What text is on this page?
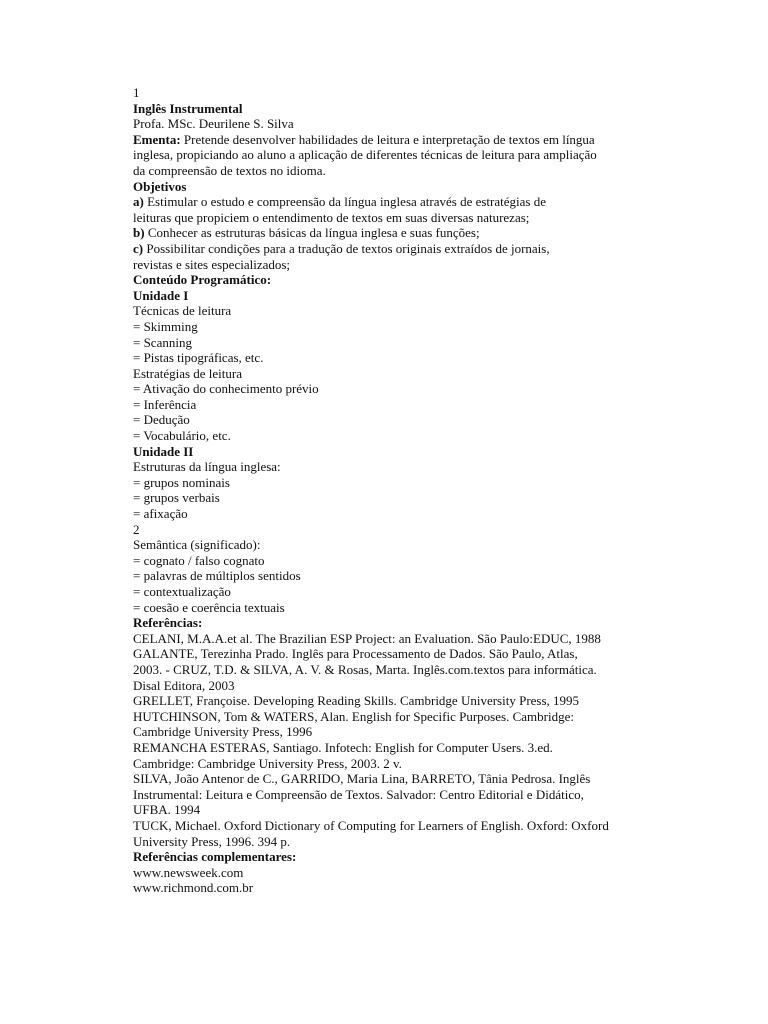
1
Inglês Instrumental
Profa. MSc. Deurilene S. Silva
Ementa: Pretende desenvolver habilidades de leitura e interpretação de textos em língua
inglesa, propiciando ao aluno a aplicação de diferentes técnicas de leitura para ampliação
da compreensão de textos no idioma.
Objetivos
a) Estimular o estudo e compreensão da língua inglesa através de estratégias de
leituras que propiciem o entendimento de textos em suas diversas naturezas;
b) Conhecer as estruturas básicas da língua inglesa e suas funções;
c) Possibilitar condições para a tradução de textos originais extraídos de jornais,
revistas e sites especializados;
Conteúdo Programático:
Unidade I
Técnicas de leitura
= Skimming
= Scanning
= Pistas tipográficas, etc.
Estratégias de leitura
= Ativação do conhecimento prévio
= Inferência
= Dedução
= Vocabulário, etc.
Unidade II
Estruturas da língua inglesa:
= grupos nominais
= grupos verbais
= afixação
2
Semântica (significado):
= cognato / falso cognato
= palavras de múltiplos sentidos
= contextualização
= coesão e coerência textuais
Referências:
CELANI, M.A.A.et al. The Brazilian ESP Project: an Evaluation. São Paulo:EDUC, 1988
GALANTE, Terezinha Prado. Inglês para Processamento de Dados. São Paulo, Atlas,
2003. - CRUZ, T.D. & SILVA, A. V. & Rosas, Marta. Inglês.com.textos para informática.
Disal Editora, 2003
GRELLET, Françoise. Developing Reading Skills. Cambridge University Press, 1995
HUTCHINSON, Tom & WATERS, Alan. English for Specific Purposes. Cambridge:
Cambridge University Press, 1996
REMANCHA ESTERAS, Santiago. Infotech: English for Computer Users. 3.ed.
Cambridge: Cambridge University Press, 2003. 2 v.
SILVA, João Antenor de C., GARRIDO, Maria Lina, BARRETO, Tânia Pedrosa. Inglês
Instrumental: Leitura e Compreensão de Textos. Salvador: Centro Editorial e Didático,
UFBA. 1994
TUCK, Michael. Oxford Dictionary of Computing for Learners of English. Oxford: Oxford
University Press, 1996. 394 p.
Referências complementares:
www.newsweek.com
www.richmond.com.br
